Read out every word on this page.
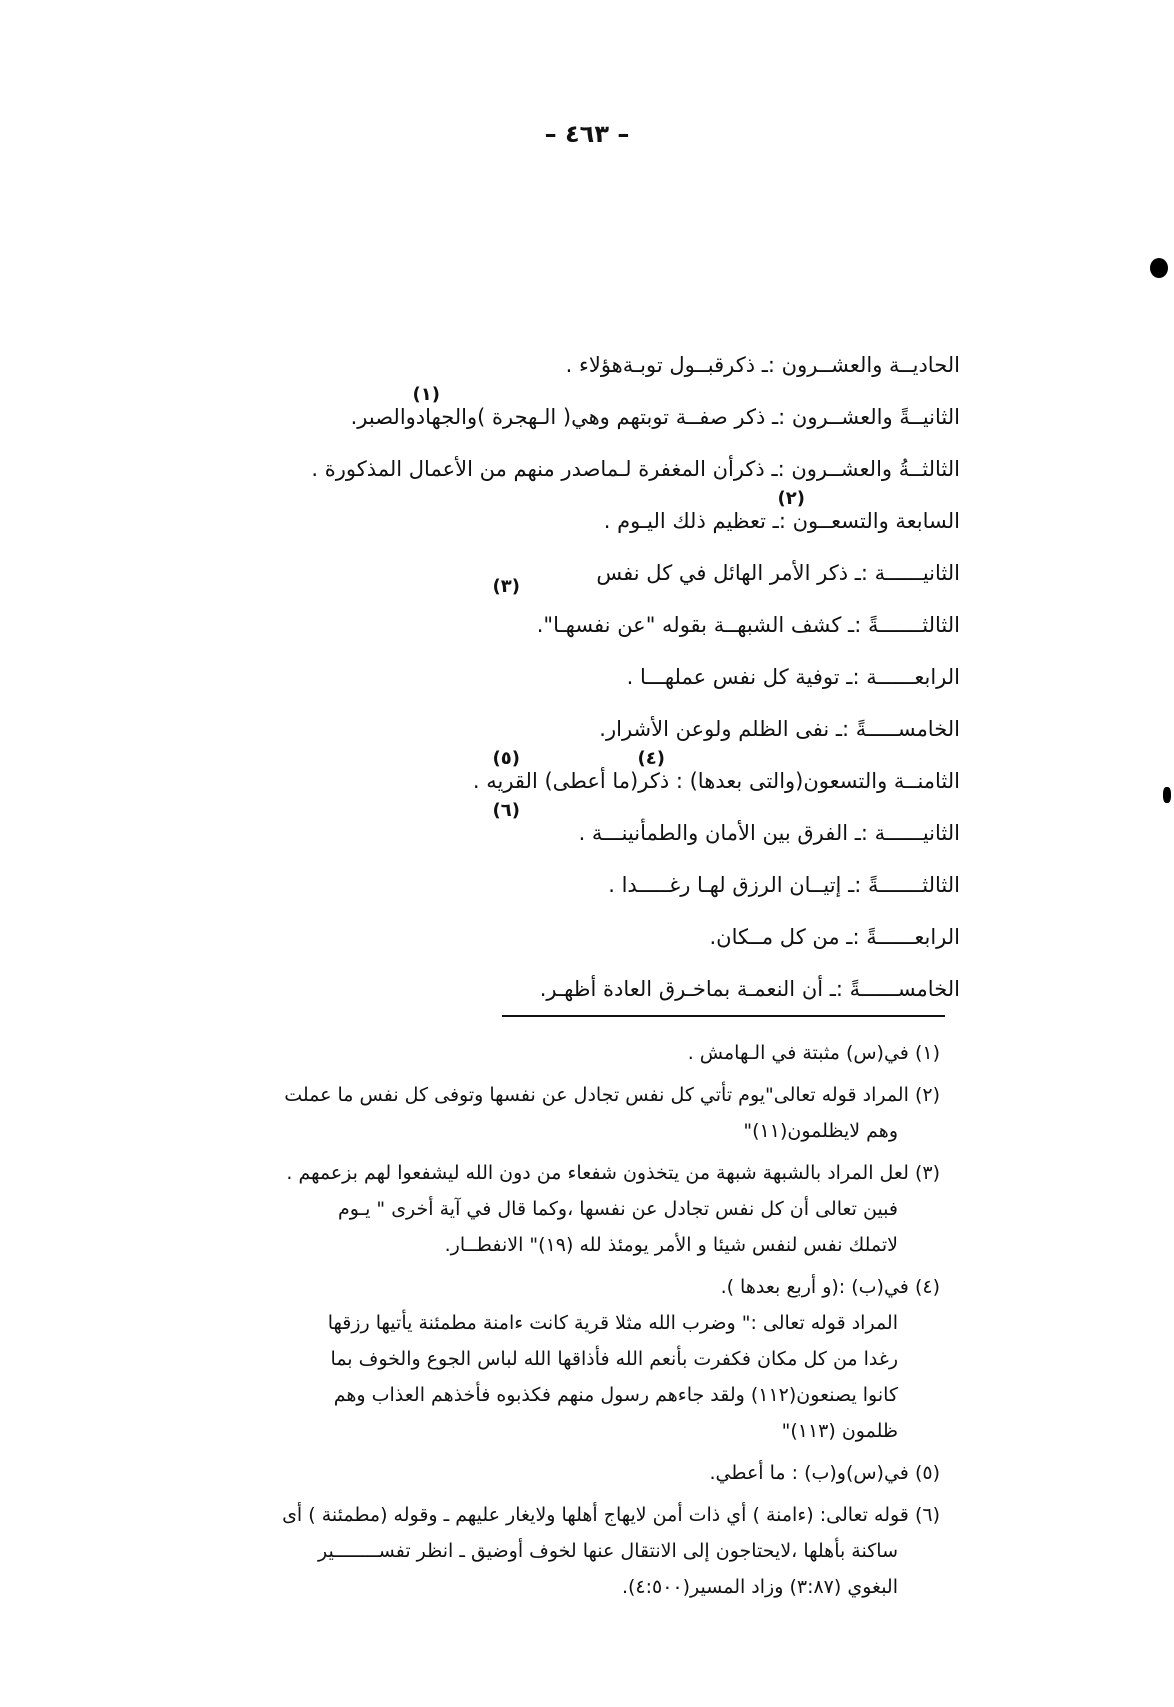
– ٤٦٣ –
الحاديــة والعشــرون :ـ ذكرقبــول توبـةهؤلاء .
الثانيــةً والعشــرون :ـ ذكر صفــة توبتهم وهي( الـهجرة )والجهادوالصبر.
(١)
الثالثــةُ والعشــرون :ـ ذكرأن المغفرة لـماصدر منهم من الأعمال المذكورة .
السابعة والتسعــون :ـ تعظيم ذلك اليـوم .
(٢)
الثانيــــــة :ـ ذكر الأمر الهائل في كل نفس
(٣)
الثالثـــــــةً :ـ كشف الشبهــة بقوله "عن نفسهـا".
الرابعــــــة :ـ توفية كل نفس عملهـــا .
الخامســـــةً :ـ نفى الظلم ولوعن الأشرار.
الثامنــة والتسعون(والتى بعدها) : ذكر(ما أعطى) القريه .
(٤)
(٥)
الثانيــــــة :ـ الفرق بين الأمان والطمأنينـــة .
(٦)
الثالثـــــــةً :ـ إتيــان الرزق لهـا رغـــــدا .
الرابعــــــةً :ـ من كل مــكان.
الخامســــــةً :ـ أن النعمـة بماخـرق العادة أظهـر.
(١) في(س) مثبتة في الـهامش .
(٢) المراد قوله تعالى"يوم تأتي كل نفس تجادل عن نفسها وتوفى كل نفس ما عملت
وهم لايظلمون(١١)"
(٣) لعل المراد بالشبهة شبهة من يتخذون شفعاء من دون الله ليشفعوا لهم بزعمهم .
فبين تعالى أن كل نفس تجادل عن نفسها ،وكما قال في آية أخرى " يـوم
لاتملك نفس لنفس شيئا و الأمر يومئذ لله (١٩)" الانفطــار.
(٤) في(ب) :(و أربع بعدها ).
المراد قوله تعالى :" وضرب الله مثلا قرية كانت ءامنة مطمئنة يأتيها رزقها
رغدا من كل مكان فكفرت بأنعم الله فأذاقها الله لباس الجوع والخوف بما
كانوا يصنعون(١١٢) ولقد جاءهم رسول منهم فكذبوه فأخذهم العذاب وهم
ظلمون (١١٣)"
(٥) في(س)و(ب) : ما أعطي.
(٦) قوله تعالى: (ءامنة ) أي ذات أمن لايهاج أهلها ولايغار عليهم ـ وقوله (مطمئنة ) أى
ساكنة بأهلها ،لايحتاجون إلى الانتقال عنها لخوف أوضيق ـ انظر تفســــــــير
البغوي (٣:٨٧) وزاد المسير(٤:٥٠٠).
